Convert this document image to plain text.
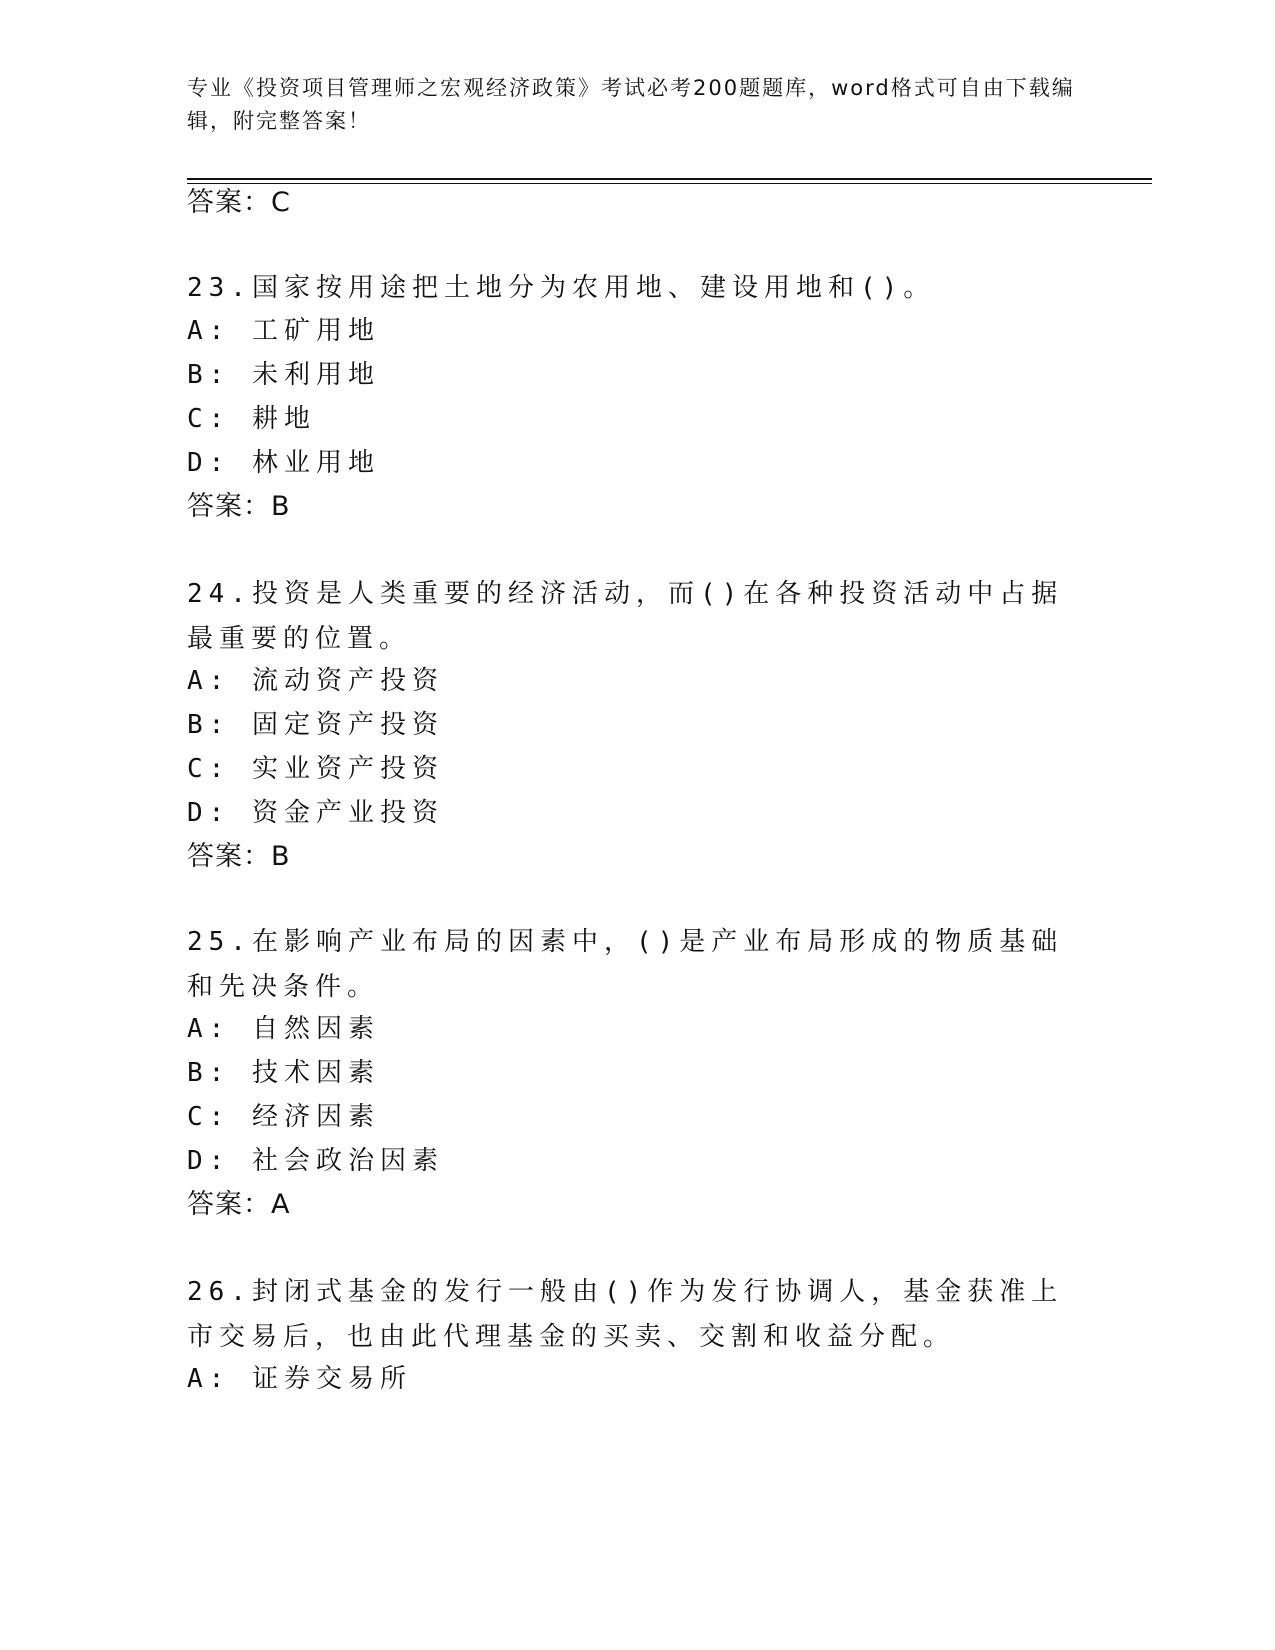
专业《投资项目管理师之宏观经济政策》考试必考200题题库，word格式可自由下载编辑，附完整答案！
答案：C
23.国家按用途把土地分为农用地、建设用地和()。
A: 工矿用地
B: 未利用地
C: 耕地
D: 林业用地
答案：B
24.投资是人类重要的经济活动，而()在各种投资活动中占据最重要的位置。
A: 流动资产投资
B: 固定资产投资
C: 实业资产投资
D: 资金产业投资
答案：B
25.在影响产业布局的因素中，()是产业布局形成的物质基础和先决条件。
A: 自然因素
B: 技术因素
C: 经济因素
D: 社会政治因素
答案：A
26.封闭式基金的发行一般由()作为发行协调人，基金获准上市交易后，也由此代理基金的买卖、交割和收益分配。
A: 证券交易所
